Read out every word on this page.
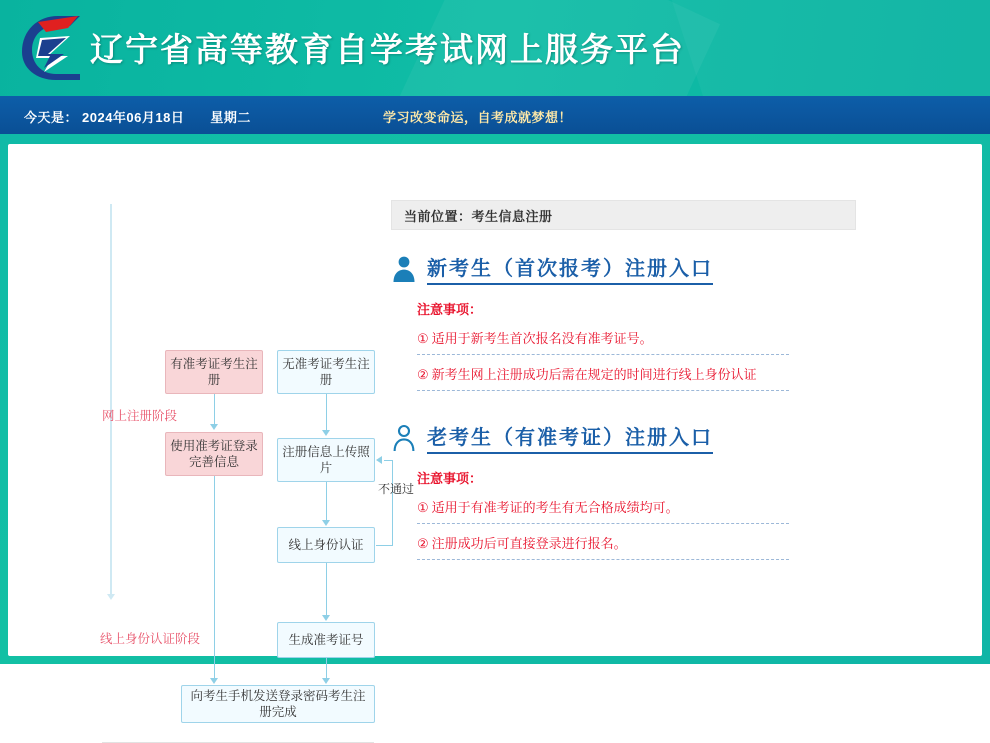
辽宁省高等教育自学考试网上服务平台
今天是： 2024年06月18日 星期二	学习改变命运，自考成就梦想！
网上注册阶段
线上身份认证阶段
有准考证考生注册
使用准考证登录完善信息
无准考证考生注册
注册信息上传照片
线上身份认证
生成准考证号
不通过
向考生手机发送登录密码考生注册完成
当前位置：考生信息注册
新考生（首次报考）注册入口
注意事项：
① 适用于新考生首次报名没有准考证号。
② 新考生网上注册成功后需在规定的时间进行线上身份认证
老考生（有准考证）注册入口
注意事项：
① 适用于有准考证的考生有无合格成绩均可。
② 注册成功后可直接登录进行报名。
